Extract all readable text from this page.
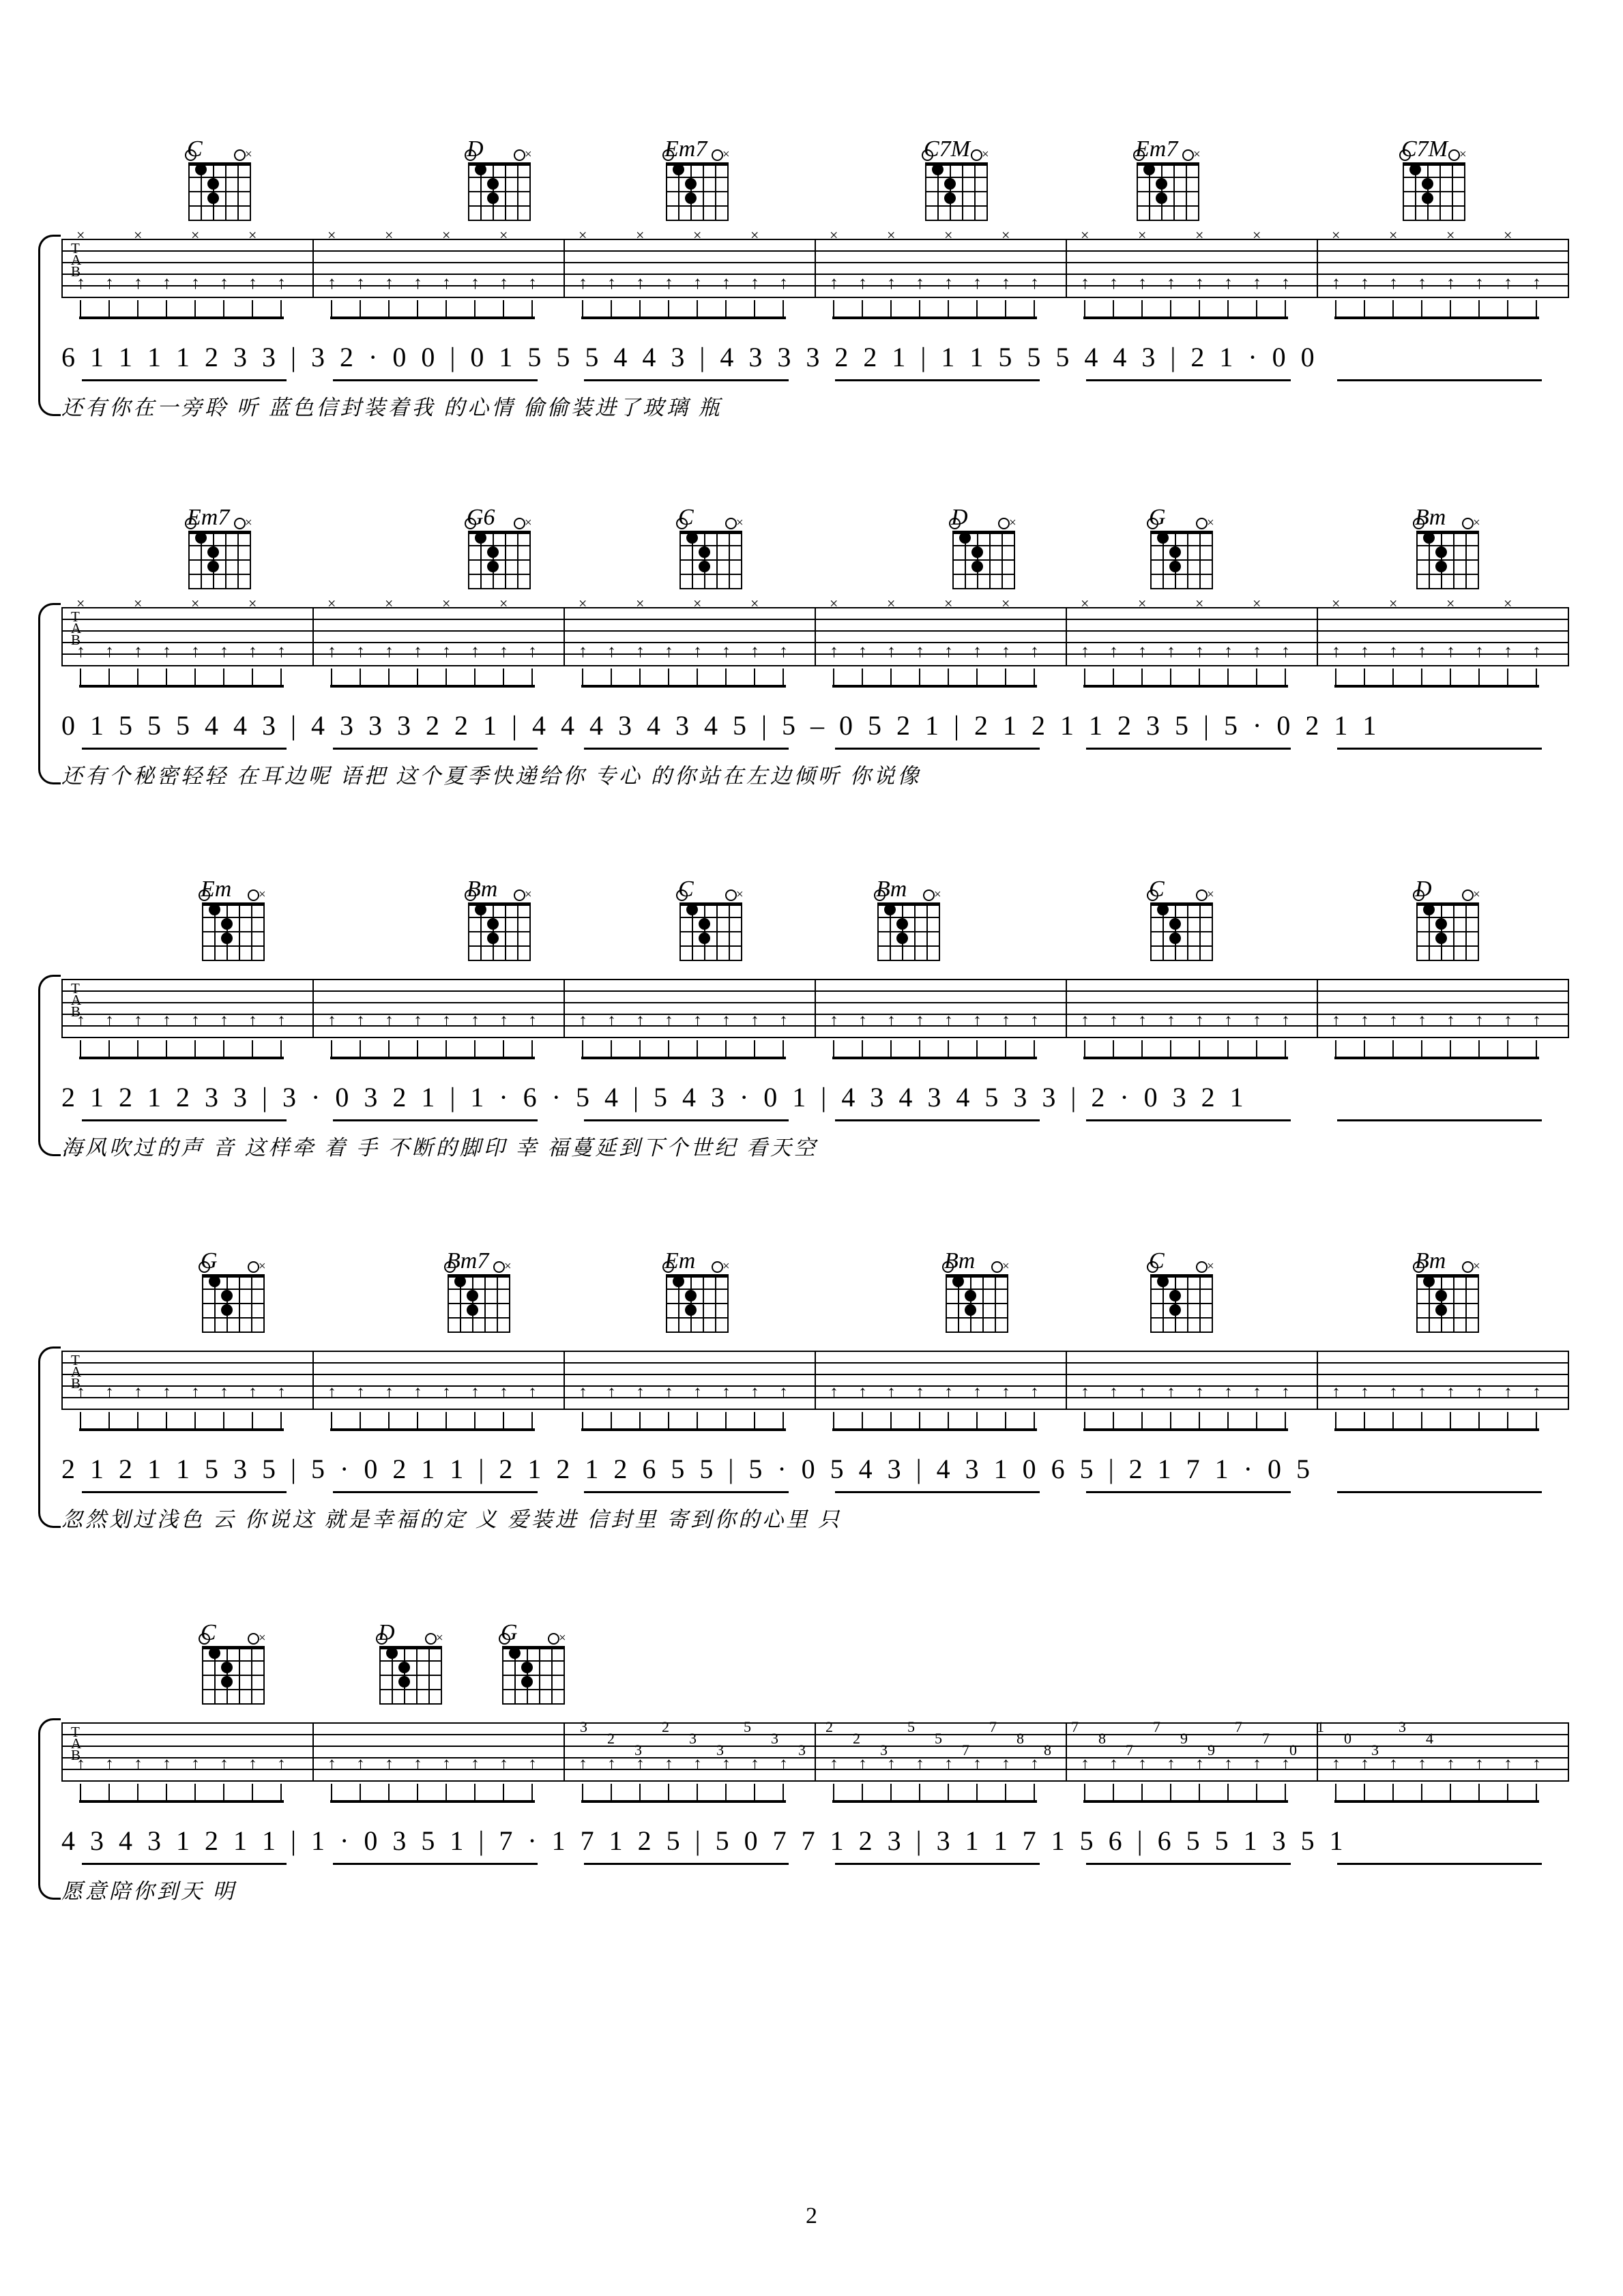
C	×	D	×	Em7	×	C7M ×	Em7	×	C7M ×
T
A
B
×
↑ ↑
×
↑ ↑
×
↑ ↑
×
↑ ↑
×
↑ ↑
×
↑ ↑
×
↑ ↑
×
↑ ↑
×
↑ ↑
×
↑ ↑
×
↑ ↑
×
↑ ↑
×
↑ ↑
×
↑ ↑
×
↑ ↑
×
↑ ↑
×
↑ ↑
×
↑ ↑
×
↑ ↑
×
↑ ↑
×
↑ ↑
×
↑ ↑
×
↑ ↑
×
↑ ↑
6 1 1 1 1 2 3 3 | 3 2 · 0 0 | 0 1 5 5 5 4 4 3 | 4 3 3 3 2 2 1 | 1 1 5 5 5 4 4 3 | 2 1 · 0 0
还有你在一旁聆 听 蓝色信封装着我 的心情 偷偷装进了玻璃 瓶
Em7	×	G6	×	C	×	D	×	G	×	Bm	×
T
A
B
×
↑ ↑
×
↑ ↑
×
↑ ↑
×
↑ ↑
×
↑ ↑
×
↑ ↑
×
↑ ↑
×
↑ ↑
×
↑ ↑
×
↑ ↑
×
↑ ↑
×
↑ ↑
×
↑ ↑
×
↑ ↑
×
↑ ↑
×
↑ ↑
×
↑ ↑
×
↑ ↑
×
↑ ↑
×
↑ ↑
×
↑ ↑
×
↑ ↑
×
↑ ↑
×
↑ ↑
0 1 5 5 5 4 4 3 | 4 3 3 3 2 2 1 | 4 4 4 3 4 3 4 5 | 5 – 0 5 2 1 | 2 1 2 1 1 2 3 5 | 5 · 0 2 1 1
还有个秘密轻轻 在耳边呢 语把 这个夏季快递给你 专心 的你站在左边倾听 你说像
Em	×	Bm	×	C	×	Bm	×	C	×	D	×
T
A
B
↑ ↑ ↑ ↑ ↑ ↑ ↑ ↑ ↑ ↑ ↑ ↑ ↑ ↑ ↑ ↑ ↑ ↑ ↑ ↑ ↑ ↑ ↑ ↑ ↑ ↑ ↑ ↑ ↑ ↑ ↑ ↑ ↑ ↑ ↑ ↑ ↑ ↑ ↑ ↑ ↑ ↑ ↑ ↑ ↑ ↑ ↑ ↑
2 1 2 1 2 3 3 | 3 · 0 3 2 1 | 1 · 6 · 5 4 | 5 4 3 · 0 1 | 4 3 4 3 4 5 3 3 | 2 · 0 3 2 1
海风吹过的声 音 这样牵 着 手 不断的脚印 幸 福蔓延到下个世纪 看天空
G	×	Bm7	×	Em	×	Bm	×	C	×	Bm	×
T
A
B
↑ ↑ ↑ ↑ ↑ ↑ ↑ ↑ ↑ ↑ ↑ ↑ ↑ ↑ ↑ ↑ ↑ ↑ ↑ ↑ ↑ ↑ ↑ ↑ ↑ ↑ ↑ ↑ ↑ ↑ ↑ ↑ ↑ ↑ ↑ ↑ ↑ ↑ ↑ ↑ ↑ ↑ ↑ ↑ ↑ ↑ ↑ ↑
2 1 2 1 1 5 3 5 | 5 · 0 2 1 1 | 2 1 2 1 2 6 5 5 | 5 · 0 5 4 3 | 4 3 1 0 6 5 | 2 1 7 1 · 0 5
忽然划过浅色 云 你说这 就是幸福的定 义 爱装进 信封里 寄到你的心里 只
C	×	D	× G	×
T
A
B
↑ ↑ ↑ ↑ ↑ ↑ ↑ ↑ ↑ ↑ ↑ ↑ ↑ ↑ ↑ ↑ ↑ ↑ ↑ ↑ ↑ ↑ ↑ ↑ ↑ ↑ ↑ ↑ ↑ ↑ ↑ ↑ ↑ ↑ ↑ ↑ ↑ ↑ ↑ ↑ ↑ ↑ ↑ ↑ ↑ ↑ ↑ ↑
3
2
3
2
3
3
5
3
3
2
2
3
5
5
7
7
8
8
7
8
7
7
9
9
7
7
0
1
0
3
3
4
4 3 4 3 1 2 1 1 | 1 · 0 3 5 1 | 7 · 1 7 1 2 5 | 5 0 7 7 1 2 3 | 3 1 1 7 1 5 6 | 6 5 5 1 3 5 1
愿意陪你到天 明
2
